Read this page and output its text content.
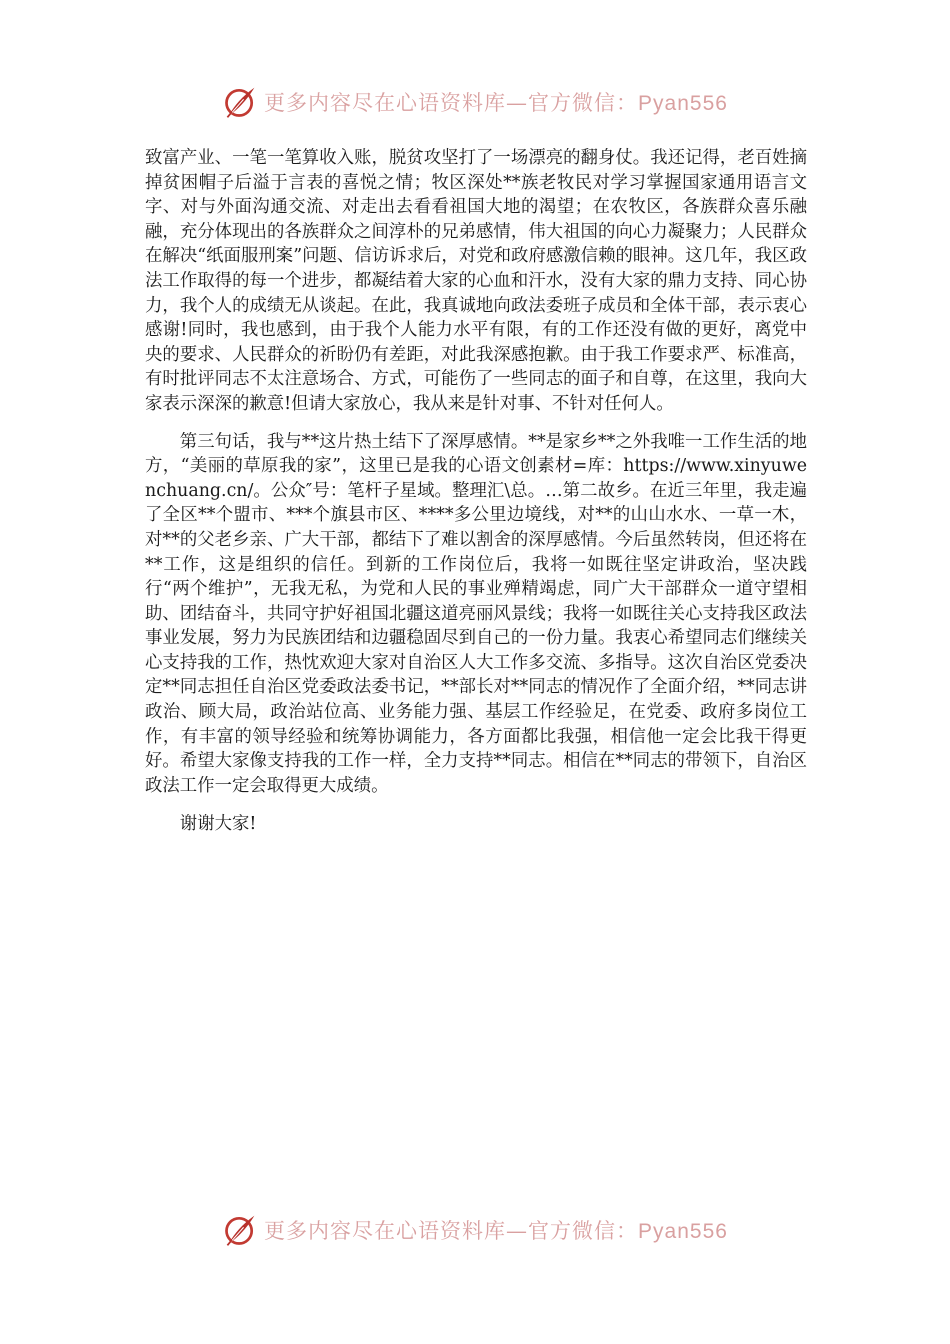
更多内容尽在心语资料库—官方微信：Pyan556

致富产业、一笔一笔算收入账，脱贫攻坚打了一场漂亮的翻身仗。我还记得，老百姓摘掉贫困帽子后溢于言表的喜悦之情；牧区深处**族老牧民对学习掌握国家通用语言文字、对与外面沟通交流、对走出去看看祖国大地的渴望；在农牧区，各族群众喜乐融融，充分体现出的各族群众之间淳朴的兄弟感情，伟大祖国的向心力凝聚力；人民群众在解决“纸面服刑案”问题、信访诉求后，对党和政府感激信赖的眼神。这几年，我区政法工作取得的每一个进步，都凝结着大家的心血和汗水，没有大家的鼎力支持、同心协力，我个人的成绩无从谈起。在此，我真诚地向政法委班子成员和全体干部，表示衷心感谢!同时，我也感到，由于我个人能力水平有限，有的工作还没有做的更好，离党中央的要求、人民群众的祈盼仍有差距，对此我深感抱歉。由于我工作要求严、标准高，有时批评同志不太注意场合、方式，可能伤了一些同志的面子和自尊，在这里，我向大家表示深深的歉意!但请大家放心，我从来是针对事、不针对任何人。

第三句话，我与**这片热土结下了深厚感情。**是家乡**之外我唯一工作生活的地方，“美丽的草原我的家”，这里已是我的心语文创素材=库：https://www.xinyuwenchuang.cn/。公众″号：笔杆子星域。整理汇\总。…第二故乡。在近三年里，我走遍了全区**个盟市、***个旗县市区、****多公里边境线，对**的山山水水、一草一木，对**的父老乡亲、广大干部，都结下了难以割舍的深厚感情。今后虽然转岗，但还将在**工作，这是组织的信任。到新的工作岗位后，我将一如既往坚定讲政治，坚决践行“两个维护”，无我无私，为党和人民的事业殚精竭虑，同广大干部群众一道守望相助、团结奋斗，共同守护好祖国北疆这道亮丽风景线；我将一如既往关心支持我区政法事业发展，努力为民族团结和边疆稳固尽到自己的一份力量。我衷心希望同志们继续关心支持我的工作，热忱欢迎大家对自治区人大工作多交流、多指导。这次自治区党委决定**同志担任自治区党委政法委书记，**部长对**同志的情况作了全面介绍，**同志讲政治、顾大局，政治站位高、业务能力强、基层工作经验足，在党委、政府多岗位工作，有丰富的领导经验和统筹协调能力，各方面都比我强，相信他一定会比我干得更好。希望大家像支持我的工作一样，全力支持**同志。相信在**同志的带领下，自治区政法工作一定会取得更大成绩。

谢谢大家!

更多内容尽在心语资料库—官方微信：Pyan556
